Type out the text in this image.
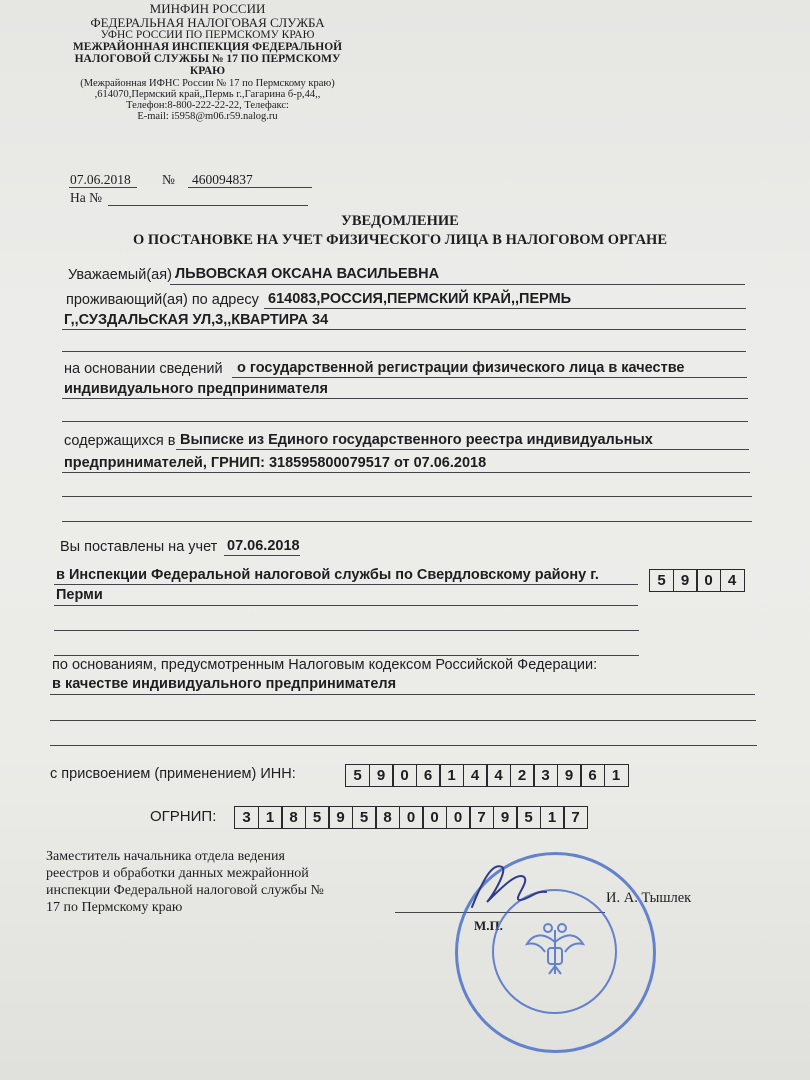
МИНФИН РОССИИ
ФЕДЕРАЛЬНАЯ НАЛОГОВАЯ СЛУЖБА
УФНС РОССИИ ПО ПЕРМСКОМУ КРАЮ
МЕЖРАЙОННАЯ ИНСПЕКЦИЯ ФЕДЕРАЛЬНОЙ
НАЛОГОВОЙ СЛУЖБЫ № 17 ПО ПЕРМСКОМУ
КРАЮ
(Межрайонная ИФНС России № 17 по Пермскому краю)
,614070,Пермский край,,Пермь г.,Гагарина б-р,44,,
Телефон:8-800-222-22-22, Телефакс:
E-mail: i5958@m06.r59.nalog.ru
07.06.2018 № 460094837
На №
УВЕДОМЛЕНИЕ
О ПОСТАНОВКЕ НА УЧЕТ ФИЗИЧЕСКОГО ЛИЦА В НАЛОГОВОМ ОРГАНЕ
Уважаемый(ая) ЛЬВОВСКАЯ ОКСАНА ВАСИЛЬЕВНА
проживающий(ая) по адресу 614083,РОССИЯ,ПЕРМСКИЙ КРАЙ,,ПЕРМЬ
Г,,СУЗДАЛЬСКАЯ УЛ,3,,КВАРТИРА 34
на основании сведений о государственной регистрации физического лица в качестве
индивидуального предпринимателя
содержащихся в Выписке из Единого государственного реестра индивидуальных
предпринимателей, ГРНИП: 318595800079517 от 07.06.2018
Вы поставлены на учет 07.06.2018
в Инспекции Федеральной налоговой службы по Свердловскому району г.
Перми
5	9	0	4
по основаниям, предусмотренным Налоговым кодексом Российской Федерации:
в качестве индивидуального предпринимателя
с присвоением (применением) ИНН:	5	9	0	6	1	4	4	2	3	9	6	1
ОГРНИП:	3	1	8	5	9	5	8	0	0	0	7	9	5	1	7
Заместитель начальника отдела ведения
реестров и обработки данных межрайонной
инспекции Федеральной налоговой службы №
17 по Пермскому краю
И. А. Тышлек
М.П.
